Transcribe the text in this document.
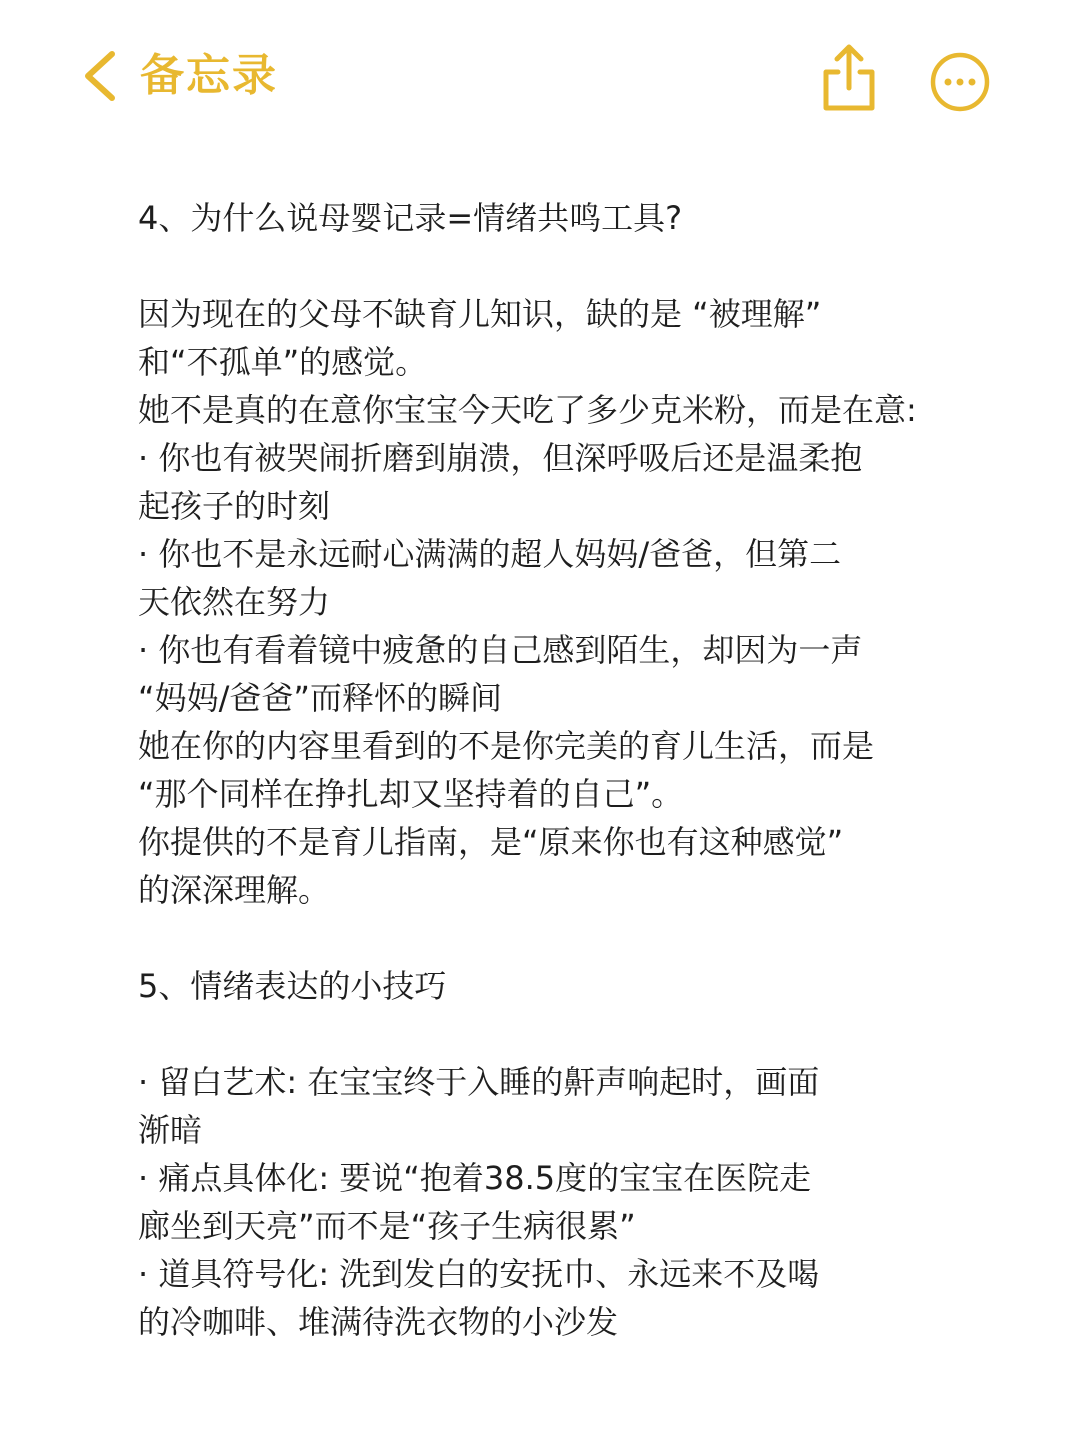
备忘录

4、为什么说母婴记录=情绪共鸣工具?

因为现在的父母不缺育儿知识，缺的是 “被理解”

和“不孤单”的感觉。

她不是真的在意你宝宝今天吃了多少克米粉，而是在意:

· 你也有被哭闹折磨到崩溃，但深呼吸后还是温柔抱

起孩子的时刻

· 你也不是永远耐心满满的超人妈妈/爸爸，但第二

天依然在努力

· 你也有看着镜中疲惫的自己感到陌生，却因为一声

“妈妈/爸爸”而释怀的瞬间

她在你的内容里看到的不是你完美的育儿生活，而是

“那个同样在挣扎却又坚持着的自己”。

你提供的不是育儿指南，是“原来你也有这种感觉”

的深深理解。

5、情绪表达的小技巧

· 留白艺术: 在宝宝终于入睡的鼾声响起时，画面

渐暗

· 痛点具体化: 要说“抱着38.5度的宝宝在医院走

廊坐到天亮”而不是“孩子生病很累”

· 道具符号化: 洗到发白的安抚巾、永远来不及喝

的冷咖啡、堆满待洗衣物的小沙发
